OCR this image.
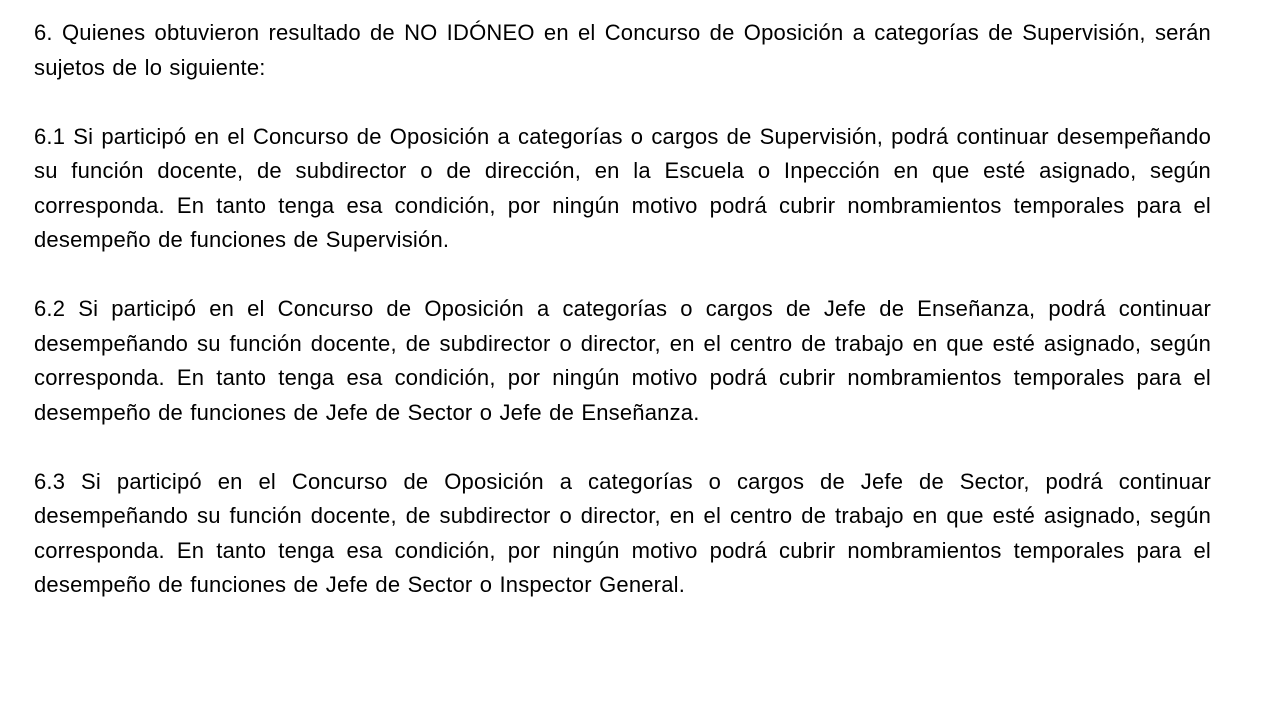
6. Quienes obtuvieron resultado de NO IDÓNEO en el Concurso de Oposición a categorías de Supervisión, serán sujetos de lo siguiente:

6.1 Si participó en el Concurso de Oposición a categorías o cargos de Supervisión, podrá continuar desempeñando su función docente, de subdirector o de dirección, en la Escuela o Inpección en que esté asignado, según corresponda. En tanto tenga esa condición, por ningún motivo podrá cubrir nombramientos temporales para el desempeño de funciones de Supervisión.

6.2 Si participó en el Concurso de Oposición a categorías o cargos de Jefe de Enseñanza, podrá continuar desempeñando su función docente, de subdirector o director, en el centro de trabajo en que esté asignado, según corresponda. En tanto tenga esa condición, por ningún motivo podrá cubrir nombramientos temporales para el desempeño de funciones de Jefe de Sector o Jefe de Enseñanza.

6.3 Si participó en el Concurso de Oposición a categorías o cargos de Jefe de Sector, podrá continuar desempeñando su función docente, de subdirector o director, en el centro de trabajo en que esté asignado, según corresponda. En tanto tenga esa condición, por ningún motivo podrá cubrir nombramientos temporales para el desempeño de funciones de Jefe de Sector o Inspector General.
